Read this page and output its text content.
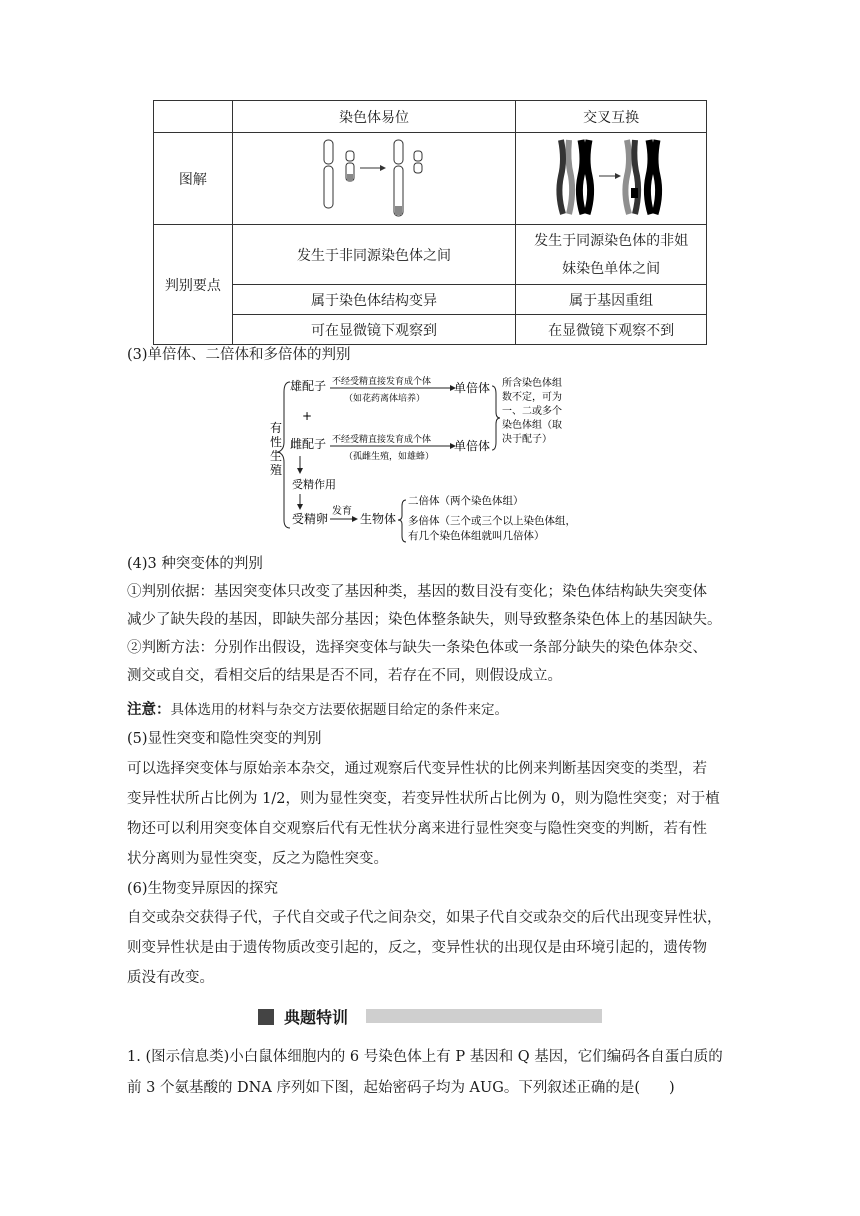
	染色体易位	交叉互换
图解		
判别要点	发生于非同源染色体之间	发生于同源染色体的非姐
妹染色单体之间

	属于染色体结构变异	属于基因重组
	可在显微镜下观察到	在显微镜下观察不到

(3)单倍体、二倍体和多倍体的判别

有
性
生
殖
雄配子 不经受精直接发育成个体
（如花药离体培养）
单倍体
+
雌配子 不经受精直接发育成个体
（孤雌生殖，如雄蜂）
单倍体
所含染色体组
数不定，可为
一、二或多个
染色体组（取
决于配子）
受精作用
受精卵
发育
生物体
二倍体（两个染色体组）
多倍体（三个或三个以上染色体组，
有几个染色体组就叫几倍体）

(4)3 种突变体的判别

①判别依据：基因突变体只改变了基因种类，基因的数目没有变化；染色体结构缺失突变体

减少了缺失段的基因，即缺失部分基因；染色体整条缺失，则导致整条染色体上的基因缺失。

②判断方法：分别作出假设，选择突变体与缺失一条染色体或一条部分缺失的染色体杂交、

测交或自交，看相交后的结果是否不同，若存在不同，则假设成立。

注意：具体选用的材料与杂交方法要依据题目给定的条件来定。

(5)显性突变和隐性突变的判别

可以选择突变体与原始亲本杂交，通过观察后代变异性状的比例来判断基因突变的类型，若

变异性状所占比例为 1/2，则为显性突变，若变异性状所占比例为 0，则为隐性突变；对于植

物还可以利用突变体自交观察后代有无性状分离来进行显性突变与隐性突变的判断，若有性

状分离则为显性突变，反之为隐性突变。

(6)生物变异原因的探究

自交或杂交获得子代，子代自交或子代之间杂交，如果子代自交或杂交的后代出现变异性状，

则变异性状是由于遗传物质改变引起的，反之，变异性状的出现仅是由环境引起的，遗传物

质没有改变。

典题特训

1. (图示信息类)小白鼠体细胞内的 6 号染色体上有 P 基因和 Q 基因，它们编码各自蛋白质的

前 3 个氨基酸的 DNA 序列如下图，起始密码子均为 AUG。下列叙述正确的是(　　)
